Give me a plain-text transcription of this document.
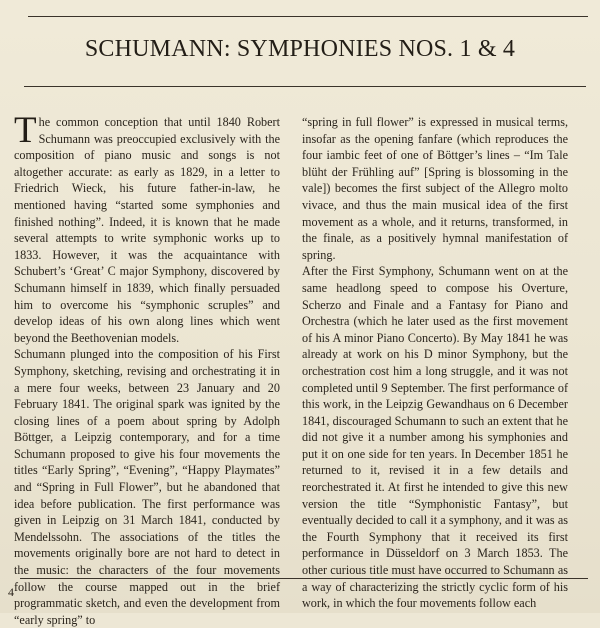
SCHUMANN: SYMPHONIES NOS. 1 & 4

The common conception that until 1840 Robert Schumann was preoccupied exclusively with the composition of piano music and songs is not altogether accurate: as early as 1829, in a letter to Friedrich Wieck, his future father-in-law, he mentioned having “started some symphonies and finished nothing”. Indeed, it is known that he made several attempts to write symphonic works up to 1833. However, it was the acquaintance with Schubert’s ‘Great’ C major Symphony, discovered by Schumann himself in 1839, which finally persuaded him to overcome his “symphonic scruples” and develop ideas of his own along lines which went beyond the Beethovenian models.

Schumann plunged into the composition of his First Symphony, sketching, revising and orchestrating it in a mere four weeks, between 23 January and 20 February 1841. The original spark was ignited by the closing lines of a poem about spring by Adolph Böttger, a Leipzig contemporary, and for a time Schumann proposed to give his four movements the titles “Early Spring”, “Evening”, “Happy Playmates” and “Spring in Full Flower”, but he abandoned that idea before publication. The first performance was given in Leipzig on 31 March 1841, conducted by Mendelssohn. The associations of the titles the movements originally bore are not hard to detect in the music: the characters of the four movements follow the course mapped out in the brief programmatic sketch, and even the development from “early spring” to

“spring in full flower” is expressed in musical terms, insofar as the opening fanfare (which reproduces the four iambic feet of one of Böttger’s lines – “Im Tale blüht der Frühling auf” [Spring is blossoming in the vale]) becomes the first subject of the Allegro molto vivace, and thus the main musical idea of the first movement as a whole, and it returns, transformed, in the finale, as a positively hymnal manifestation of spring.

After the First Symphony, Schumann went on at the same headlong speed to compose his Overture, Scherzo and Finale and a Fantasy for Piano and Orchestra (which he later used as the first movement of his A minor Piano Concerto). By May 1841 he was already at work on his D minor Symphony, but the orchestration cost him a long struggle, and it was not completed until 9 September. The first performance of this work, in the Leipzig Gewandhaus on 6 December 1841, discouraged Schumann to such an extent that he did not give it a number among his symphonies and put it on one side for ten years. In December 1851 he returned to it, revised it in a few details and reorchestrated it. At first he intended to give this new version the title “Symphonistic Fantasy”, but eventually decided to call it a symphony, and it was as the Fourth Symphony that it received its first performance in Düsseldorf on 3 March 1853. The other curious title must have occurred to Schumann as a way of characterizing the strictly cyclic form of his work, in which the four movements follow each

4
